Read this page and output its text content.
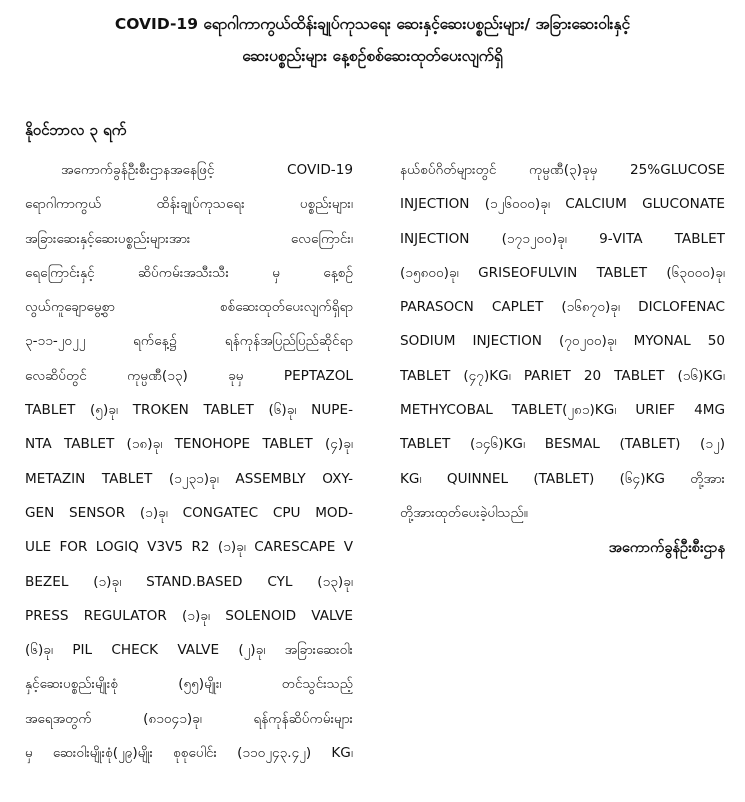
COVID-19 ရောဂါကာကွယ်ထိန်းချုပ်ကုသရေး ဆေးနှင့်ဆေးပစ္စည်းများ/ အခြားဆေးဝါးနှင့်
ဆေးပစ္စည်းများ နေ့စဉ်စစ်ဆေးထုတ်ပေးလျက်ရှိ
နိုဝင်ဘာလ ၃ ရက်
အကောက်ခွန်ဦးစီးဌာနအနေဖြင့် COVID-19
ရောဂါကာကွယ် ထိန်းချုပ်ကုသရေး ပစ္စည်းများ၊
အခြားဆေးနှင့်ဆေးပစ္စည်းများအား လေကြောင်း၊
ရေကြောင်းနှင့် ဆိပ်ကမ်းအသီးသီး မှ နေ့စဉ်
လွယ်ကူချောမွေ့စွာ စစ်ဆေးထုတ်ပေးလျက်ရှိရာ
၃-၁၁-၂၀၂၂ ရက်နေ့၌ ရန်ကုန်အပြည်ပြည်ဆိုင်ရာ
လေဆိပ်တွင် ကုမ္ပဏီ(၁၃) ခုမှ PEPTAZOL
TABLET (၅)ခု၊ TROKEN TABLET (၆)ခု၊ NUPE-
NTA TABLET (၁၈)ခု၊ TENOHOPE TABLET (၄)ခု၊
METAZIN TABLET (၁၂၃၁)ခု၊ ASSEMBLY OXY-
GEN SENSOR (၁)ခု၊ CONGATEC CPU MOD-
ULE FOR LOGIQ V3V5 R2 (၁)ခု၊ CARESCAPE V
BEZEL (၁)ခု၊ STAND.BASED CYL (၁၃)ခု၊
PRESS REGULATOR (၁)ခု၊ SOLENOID VALVE
(၆)ခု၊ PIL CHECK VALVE (၂)ခု၊ အခြားဆေးဝါး
နှင့်ဆေးပစ္စည်းမျိုးစုံ (၅၅)မျိုး၊ တင်သွင်းသည့်
အရေအတွက် (၈၁၀၄၁)ခု၊ ရန်ကုန်ဆိပ်ကမ်းများ
မှ ဆေးဝါးမျိုးစုံ(၂၉)မျိုး စုစုပေါင်း (၁၁၀၂၄၃.၄၂) KG၊
နယ်စပ်ဂိတ်များတွင် ကုမ္ပဏီ(၃)ခုမှ 25%GLUCOSE
INJECTION (၁၂၆၀၀၀)ခု၊ CALCIUM GLUCONATE
INJECTION (၁၇၁၂၀၀)ခု၊ 9-VITA TABLET
(၁၅၈၀၀)ခု၊ GRISEOFULVIN TABLET (၆၃၀၀၀)ခု၊
PARASOCN CAPLET (၁၆၈၇၀)ခု၊ DICLOFENAC
SODIUM INJECTION (၇၀၂၀၀)ခု၊ MYONAL 50
TABLET (၄၇)KG၊ PARIET 20 TABLET (၁၆)KG၊
METHYCOBAL TABLET(၂၈၁)KG၊ URIEF 4MG
TABLET (၁၄၆)KG၊ BESMAL (TABLET) (၁၂)
KG၊ QUINNEL (TABLET) (၆၄)KG တို့အား
တို့အားထုတ်ပေးခဲ့ပါသည်။
အကောက်ခွန်ဦးစီးဌာန
